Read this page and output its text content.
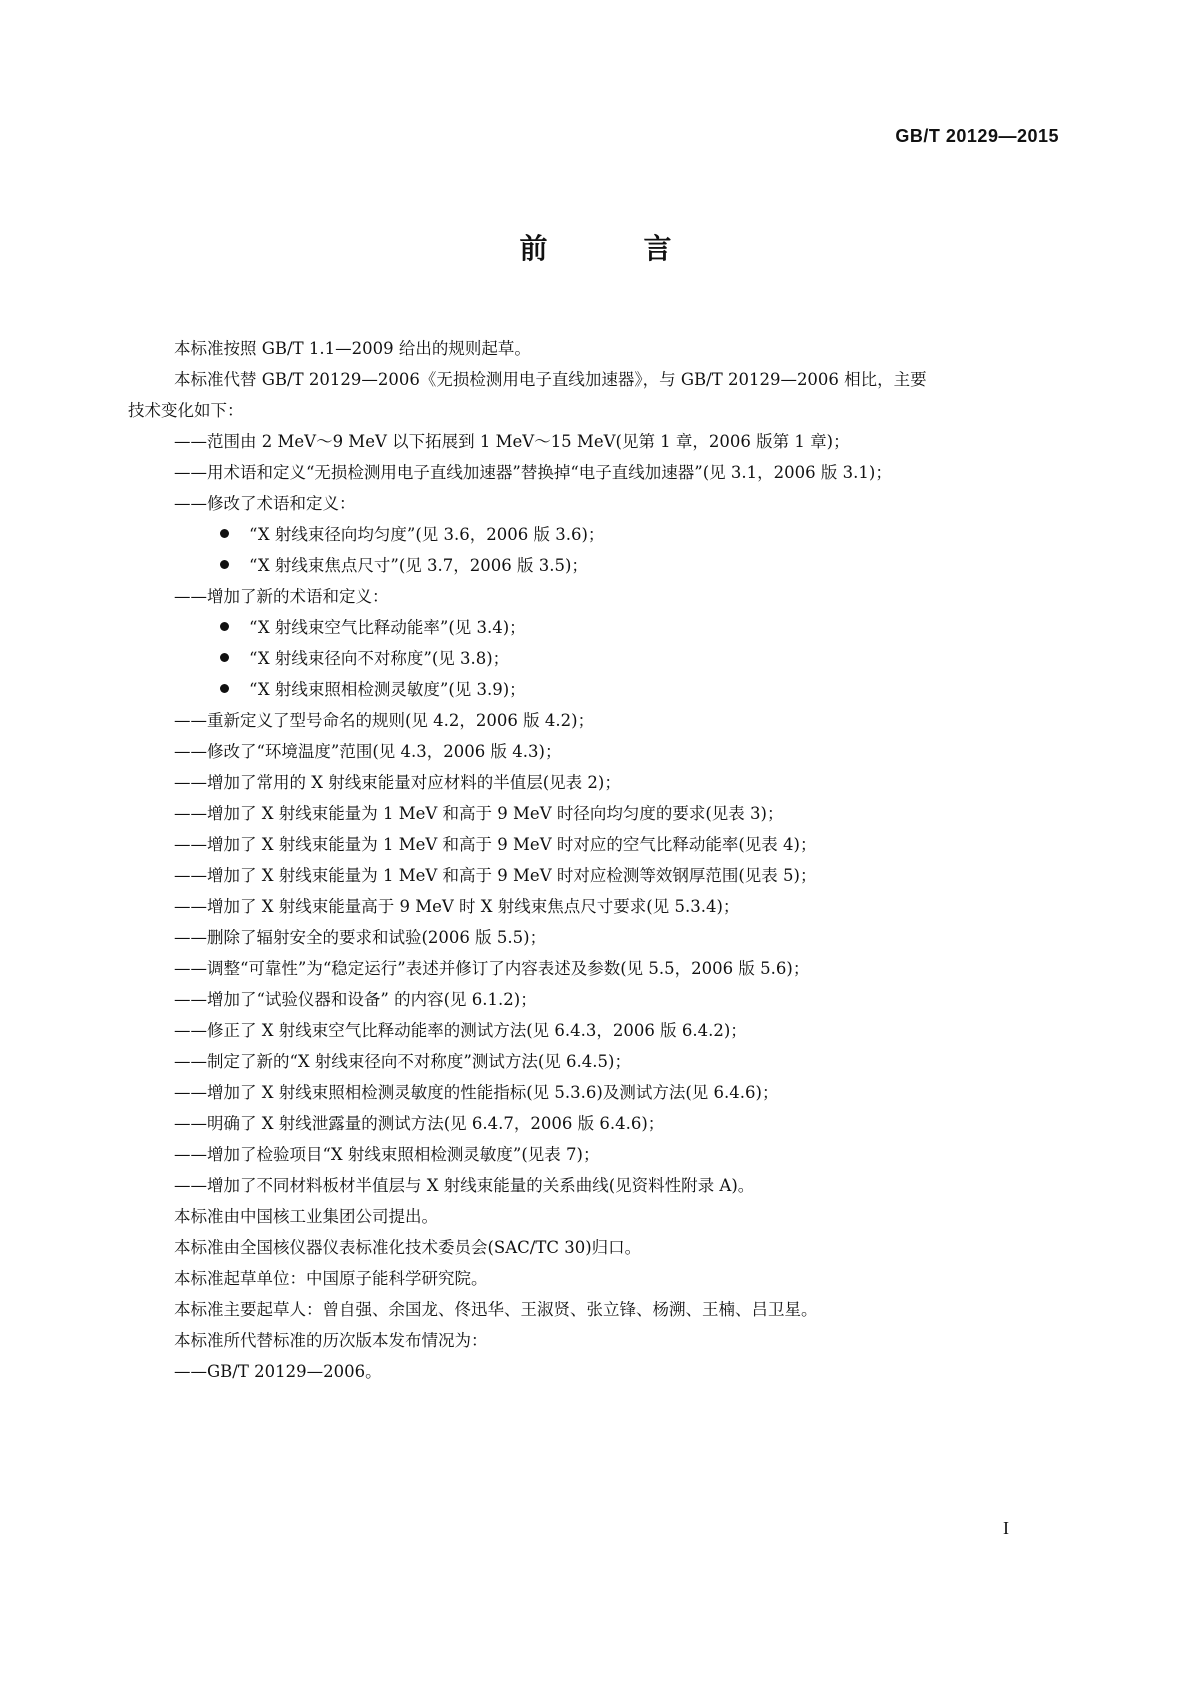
GB/T 20129—2015
前　言
本标准按照 GB/T 1.1—2009 给出的规则起草。
本标准代替 GB/T 20129—2006《无损检测用电子直线加速器》，与 GB/T 20129—2006 相比，主要
技术变化如下：
——范围由 2 MeV～9 MeV 以下拓展到 1 MeV～15 MeV(见第 1 章，2006 版第 1 章)；
——用术语和定义“无损检测用电子直线加速器”替换掉“电子直线加速器”(见 3.1，2006 版 3.1)；
——修改了术语和定义：
“X 射线束径向均匀度”(见 3.6，2006 版 3.6)；
“X 射线束焦点尺寸”(见 3.7，2006 版 3.5)；
——增加了新的术语和定义：
“X 射线束空气比释动能率”(见 3.4)；
“X 射线束径向不对称度”(见 3.8)；
“X 射线束照相检测灵敏度”(见 3.9)；
——重新定义了型号命名的规则(见 4.2，2006 版 4.2)；
——修改了“环境温度”范围(见 4.3，2006 版 4.3)；
——增加了常用的 X 射线束能量对应材料的半值层(见表 2)；
——增加了 X 射线束能量为 1 MeV 和高于 9 MeV 时径向均匀度的要求(见表 3)；
——增加了 X 射线束能量为 1 MeV 和高于 9 MeV 时对应的空气比释动能率(见表 4)；
——增加了 X 射线束能量为 1 MeV 和高于 9 MeV 时对应检测等效钢厚范围(见表 5)；
——增加了 X 射线束能量高于 9 MeV 时 X 射线束焦点尺寸要求(见 5.3.4)；
——删除了辐射安全的要求和试验(2006 版 5.5)；
——调整“可靠性”为“稳定运行”表述并修订了内容表述及参数(见 5.5，2006 版 5.6)；
——增加了“试验仪器和设备” 的内容(见 6.1.2)；
——修正了 X 射线束空气比释动能率的测试方法(见 6.4.3，2006 版 6.4.2)；
——制定了新的“X 射线束径向不对称度”测试方法(见 6.4.5)；
——增加了 X 射线束照相检测灵敏度的性能指标(见 5.3.6)及测试方法(见 6.4.6)；
——明确了 X 射线泄露量的测试方法(见 6.4.7，2006 版 6.4.6)；
——增加了检验项目“X 射线束照相检测灵敏度”(见表 7)；
——增加了不同材料板材半值层与 X 射线束能量的关系曲线(见资料性附录 A)。
本标准由中国核工业集团公司提出。
本标准由全国核仪器仪表标准化技术委员会(SAC/TC 30)归口。
本标准起草单位：中国原子能科学研究院。
本标准主要起草人：曾自强、余国龙、佟迅华、王淑贤、张立锋、杨溯、王楠、吕卫星。
本标准所代替标准的历次版本发布情况为：
——GB/T 20129—2006。
I
